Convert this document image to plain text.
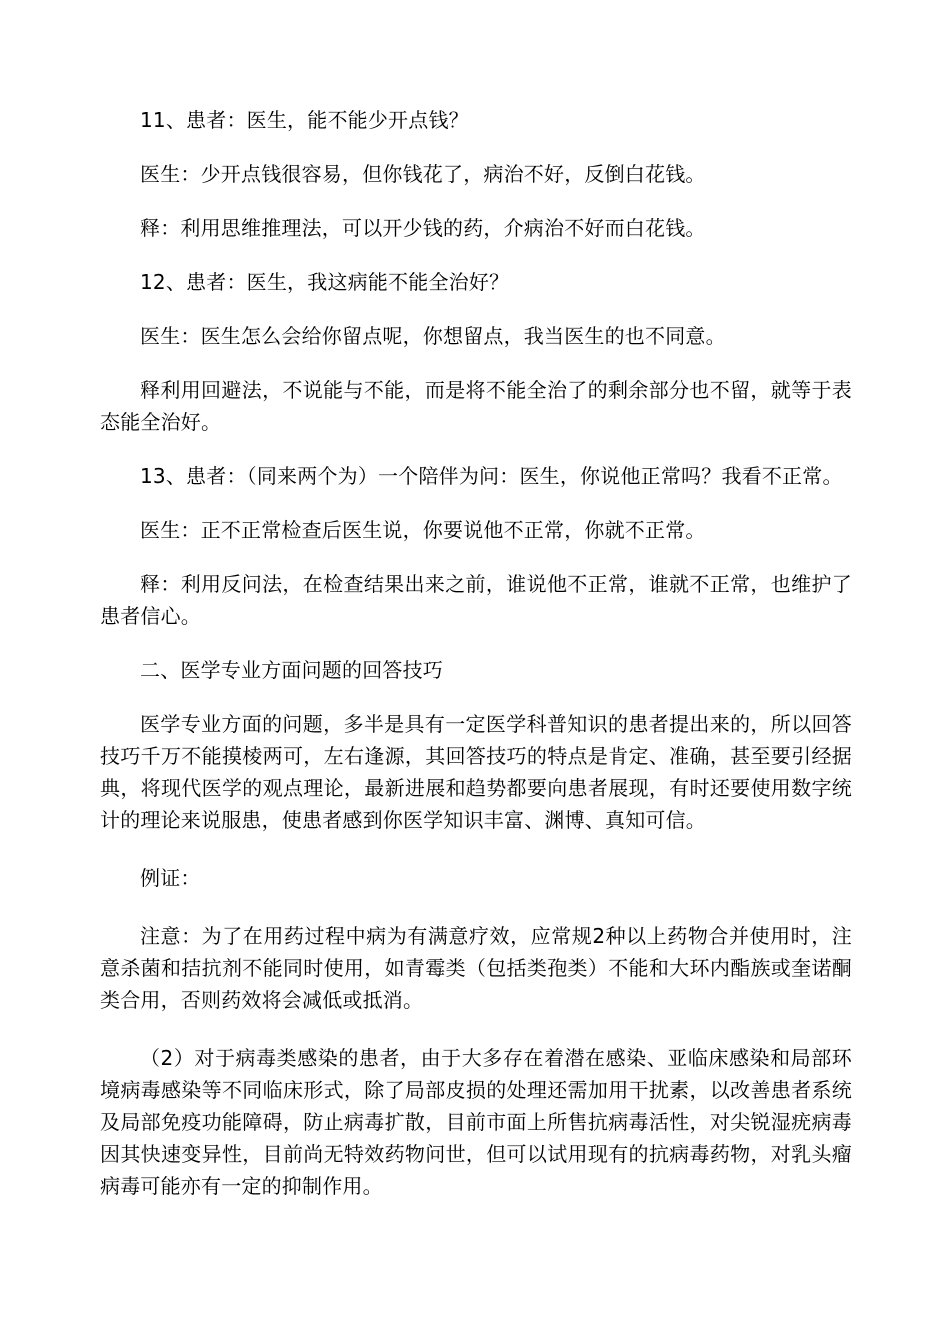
11、患者：医生，能不能少开点钱？

医生：少开点钱很容易，但你钱花了，病治不好，反倒白花钱。

释：利用思维推理法，可以开少钱的药，介病治不好而白花钱。

12、患者：医生，我这病能不能全治好？

医生：医生怎么会给你留点呢，你想留点，我当医生的也不同意。

释利用回避法，不说能与不能，而是将不能全治了的剩余部分也不留，就等于表态能全治好。

13、患者：（同来两个为）一个陪伴为问：医生，你说他正常吗？我看不正常。

医生：正不正常检查后医生说，你要说他不正常，你就不正常。

释：利用反问法，在检查结果出来之前，谁说他不正常，谁就不正常，也维护了患者信心。

二、医学专业方面问题的回答技巧

医学专业方面的问题，多半是具有一定医学科普知识的患者提出来的，所以回答技巧千万不能摸棱两可，左右逢源，其回答技巧的特点是肯定、准确，甚至要引经据典，将现代医学的观点理论，最新进展和趋势都要向患者展现，有时还要使用数字统计的理论来说服患，使患者感到你医学知识丰富、渊博、真知可信。

例证：

注意：为了在用药过程中病为有满意疗效，应常规2种以上药物合并使用时，注意杀菌和拮抗剂不能同时使用，如青霉类（包括类孢类）不能和大环内酯族或奎诺酮类合用，否则药效将会减低或抵消。

（2）对于病毒类感染的患者，由于大多存在着潜在感染、亚临床感染和局部环境病毒感染等不同临床形式，除了局部皮损的处理还需加用干扰素，以改善患者系统及局部免疫功能障碍，防止病毒扩散，目前市面上所售抗病毒活性，对尖锐湿疣病毒因其快速变异性，目前尚无特效药物问世，但可以试用现有的抗病毒药物，对乳头瘤病毒可能亦有一定的抑制作用。
